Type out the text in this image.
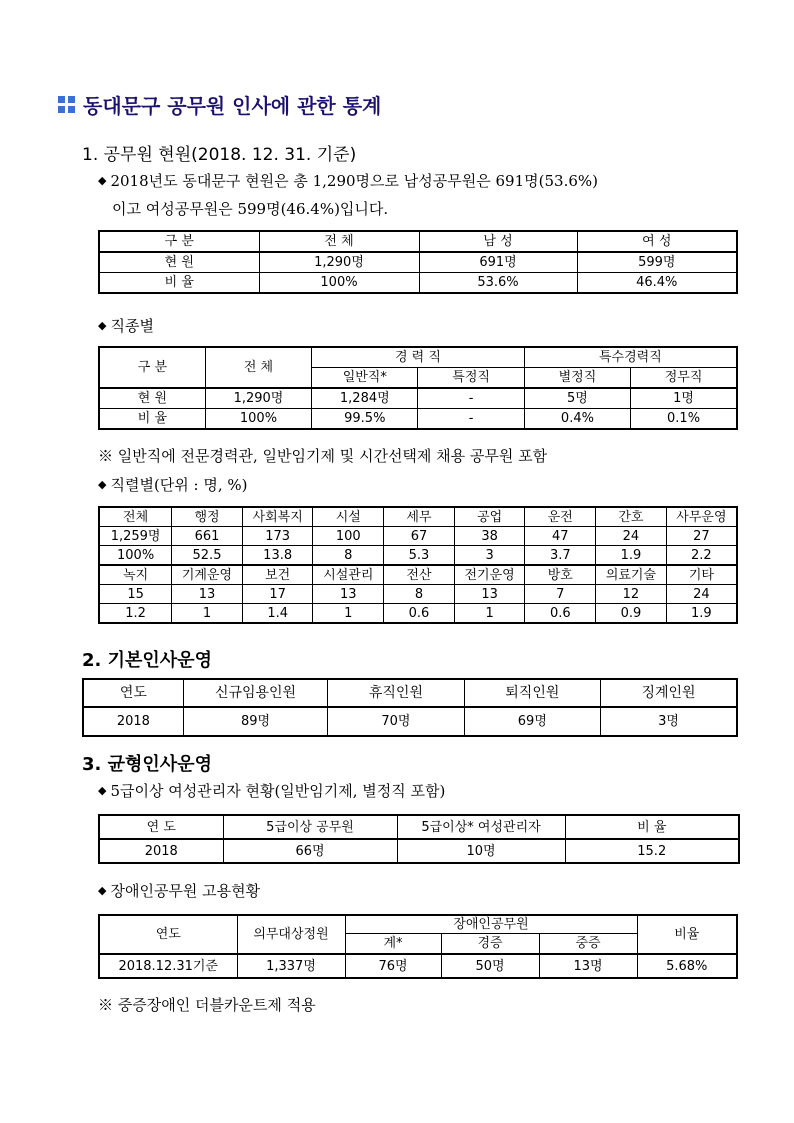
동대문구 공무원 인사에 관한 통계
1. 공무원 현원(2018. 12. 31. 기준)
◆ 2018년도 동대문구 현원은 총 1,290명으로 남성공무원은 691명(53.6%)
이고 여성공무원은 599명(46.4%)입니다.
구 분	전 체	남 성	여 성
현 원	1,290명	691명	599명
비 율	100%	53.6%	46.4%
◆ 직종별
구 분	전 체	경 력 직		특수경력직	
		일반직*	특정직	별정직	정무직
현 원	1,290명	1,284명	-	5명	1명
비 율	100%	99.5%	-	0.4%	0.1%
※ 일반직에 전문경력관, 일반임기제 및 시간선택제 채용 공무원 포함
◆ 직렬별(단위 : 명, %)
전체	행정	사회복지	시설	세무	공업	운전	간호	사무운영
1,259명	661	173	100	67	38	47	24	27
100%	52.5	13.8	8	5.3	3	3.7	1.9	2.2
녹지	기계운영	보건	시설관리	전산	전기운영	방호	의료기술	기타
15	13	17	13	8	13	7	12	24
1.2	1	1.4	1	0.6	1	0.6	0.9	1.9
2. 기본인사운영
연도	신규임용인원	휴직인원	퇴직인원	징계인원
2018	89명	70명	69명	3명
3. 균형인사운영
◆ 5급이상 여성관리자 현황(일반임기제, 별정직 포함)
연 도	5급이상 공무원	5급이상* 여성관리자	비 율
2018	66명	10명	15.2
◆ 장애인공무원 고용현황
연도	의무대상정원	장애인공무원			비율
		계*	경증	중증	
2018.12.31기준	1,337명	76명	50명	13명	5.68%
※ 중증장애인 더블카운트제 적용
